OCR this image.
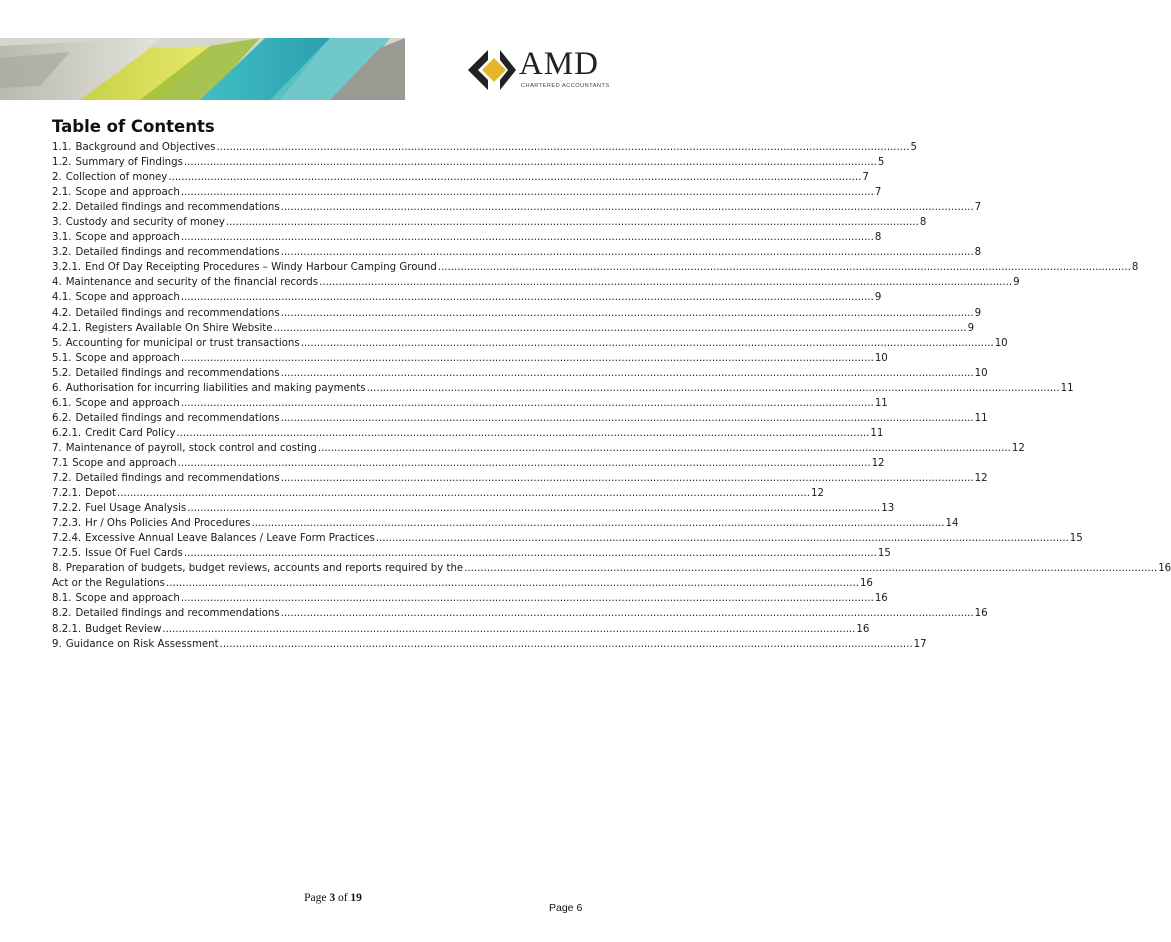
AMD
CHARTERED ACCOUNTANTS
Table of Contents
1.1. Background and Objectives .....	5
1.2. Summary of Findings .....	5
2. Collection of money .....	7
2.1. Scope and approach .....	7
2.2. Detailed findings and recommendations .....	7
3. Custody and security of money .....	8
3.1. Scope and approach .....	8
3.2. Detailed findings and recommendations .....	8
3.2.1. End Of Day Receipting Procedures – Windy Harbour Camping Ground .....	8
4. Maintenance and security of the financial records .....	9
4.1. Scope and approach .....	9
4.2. Detailed findings and recommendations .....	9
4.2.1. Registers Available On Shire Website .....	9
5. Accounting for municipal or trust transactions .....	10
5.1. Scope and approach .....	10
5.2. Detailed findings and recommendations .....	10
6. Authorisation for incurring liabilities and making payments .....	11
6.1. Scope and approach .....	11
6.2. Detailed findings and recommendations .....	11
6.2.1. Credit Card Policy .....	11
7. Maintenance of payroll, stock control and costing .....	12
7.1 Scope and approach .....	12
7.2. Detailed findings and recommendations .....	12
7.2.1. Depot .....	12
7.2.2. Fuel Usage Analysis .....	13
7.2.3. Hr / Ohs Policies And Procedures .....	14
7.2.4. Excessive Annual Leave Balances / Leave Form Practices .....	15
7.2.5. Issue Of Fuel Cards .....	15
8. Preparation of budgets, budget reviews, accounts and reports required by the .....	16
Act or the Regulations .....	16
8.1. Scope and approach .....	16
8.2. Detailed findings and recommendations .....	16
8.2.1. Budget Review .....	16
9. Guidance on Risk Assessment .....	17
Page 3 of 19
Page 6
